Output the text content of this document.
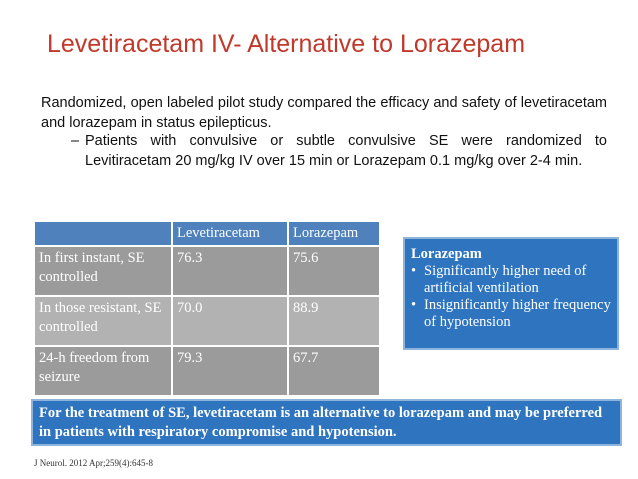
Levetiracetam IV- Alternative to Lorazepam
Randomized, open labeled pilot study compared the efficacy and safety of levetiracetam and lorazepam in status epilepticus.
– Patients with convulsive or subtle convulsive SE were randomized to Levitiracetam 20 mg/kg IV over 15 min or Lorazepam 0.1 mg/kg over 2-4 min.
	Levetiracetam	Lorazepam
In first instant, SE controlled	76.3	75.6
In those resistant, SE controlled	70.0	88.9
24-h freedom from seizure	79.3	67.7
Lorazepam
• Significantly higher need of artificial ventilation
• Insignificantly higher frequency of hypotension
For the treatment of SE, levetiracetam is an alternative to lorazepam and may be preferred in patients with respiratory compromise and hypotension.
J Neurol. 2012 Apr;259(4):645-8
